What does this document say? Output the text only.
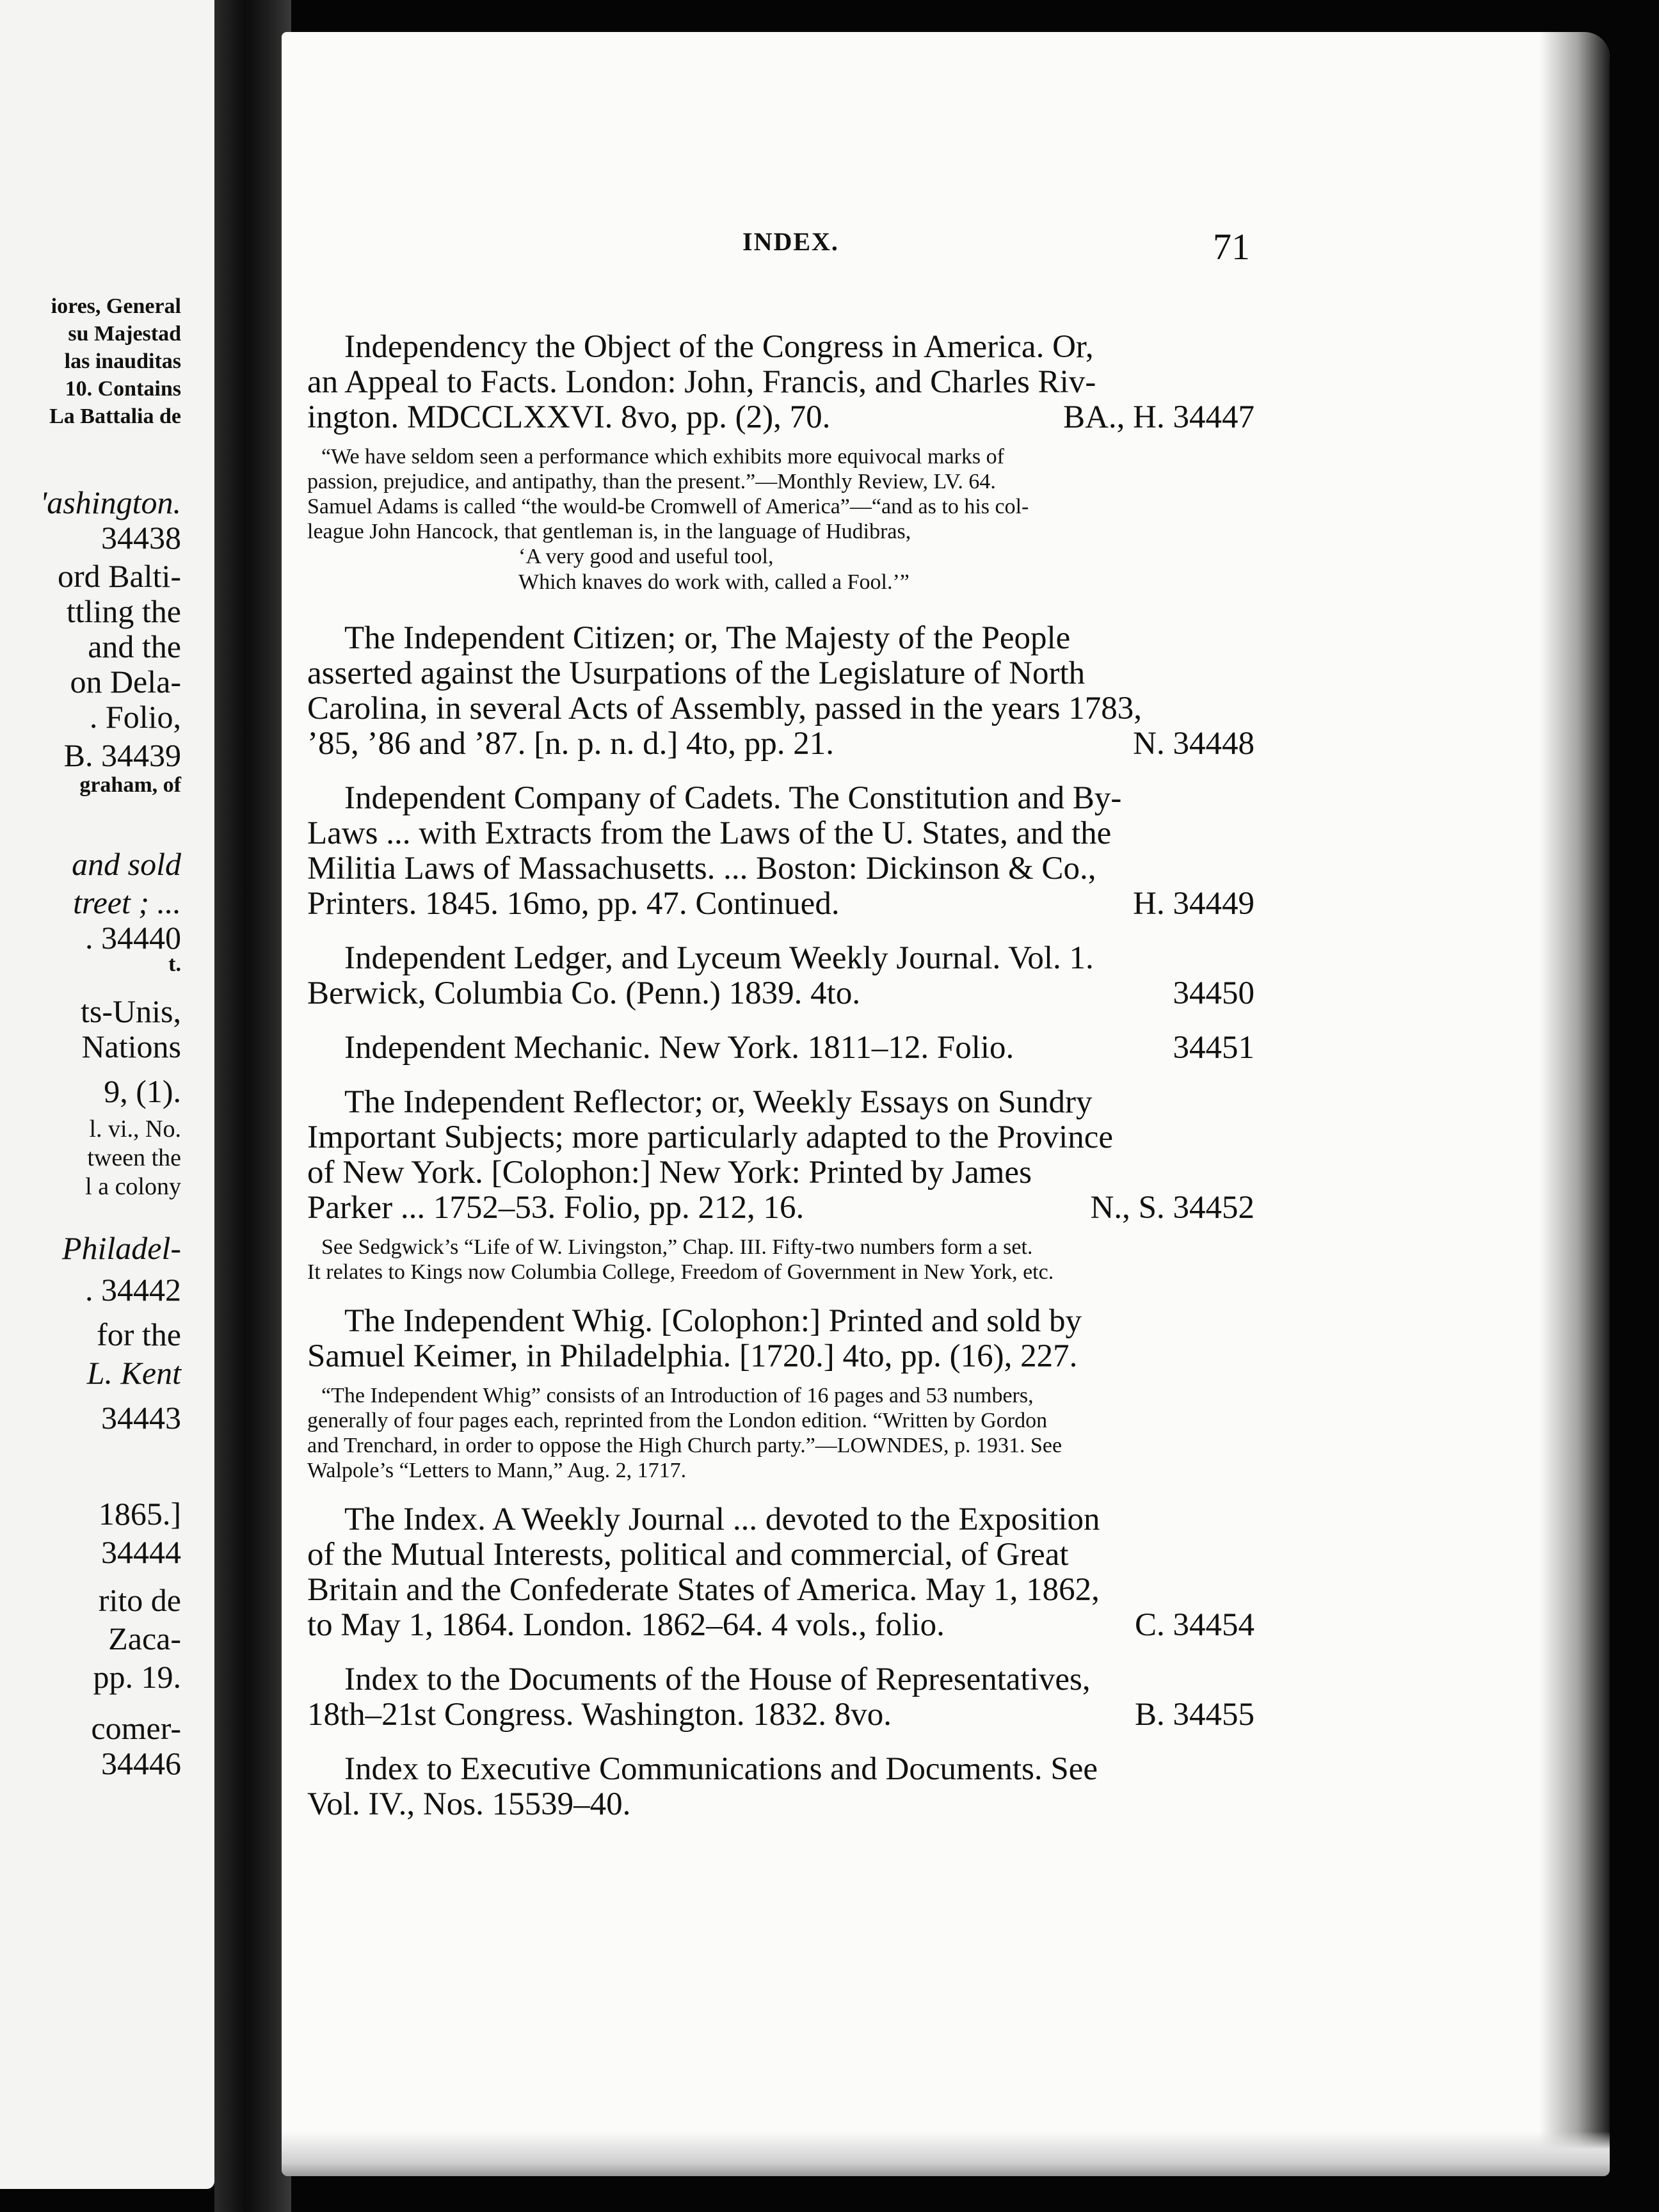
iores, General
su Majestad
las inauditas
10. Contains
La Battalia de
'ashington.
34438
ord Balti-
ttling the
and the
on Dela-
. Folio,
B. 34439
graham, of
and sold
treet ; ...
. 34440
t.
ts-Unis,
Nations
9, (1).
l. vi., No.
tween the
l a colony
Philadel-
. 34442
for the
L. Kent
34443
1865.]
34444
rito de
Zaca-
pp. 19.
comer-
34446
INDEX.	71
Independency the Object of the Congress in America. Or,
an Appeal to Facts. London: John, Francis, and Charles Riv-
ington. MDCCLXXVI. 8vo, pp. (2), 70.	BA., H. 34447
“We have seldom seen a performance which exhibits more equivocal marks of
passion, prejudice, and antipathy, than the present.”—Monthly Review, LV. 64.
Samuel Adams is called “the would-be Cromwell of America”—“and as to his col-
league John Hancock, that gentleman is, in the language of Hudibras,
‘A very good and useful tool,
Which knaves do work with, called a Fool.’”
The Independent Citizen; or, The Majesty of the People
asserted against the Usurpations of the Legislature of North
Carolina, in several Acts of Assembly, passed in the years 1783,
’85, ’86 and ’87. [n. p. n. d.] 4to, pp. 21.	N. 34448
Independent Company of Cadets. The Constitution and By-
Laws ... with Extracts from the Laws of the U. States, and the
Militia Laws of Massachusetts. ... Boston: Dickinson & Co.,
Printers. 1845. 16mo, pp. 47. Continued.	H. 34449
Independent Ledger, and Lyceum Weekly Journal. Vol. 1.
Berwick, Columbia Co. (Penn.) 1839. 4to.	34450
Independent Mechanic. New York. 1811–12. Folio.	34451
The Independent Reflector; or, Weekly Essays on Sundry
Important Subjects; more particularly adapted to the Province
of New York. [Colophon:] New York: Printed by James
Parker ... 1752–53. Folio, pp. 212, 16.	N., S. 34452
See Sedgwick’s “Life of W. Livingston,” Chap. III. Fifty-two numbers form a set.
It relates to Kings now Columbia College, Freedom of Government in New York, etc.
The Independent Whig. [Colophon:] Printed and sold by
Samuel Keimer, in Philadelphia. [1720.] 4to, pp. (16), 227.
“The Independent Whig” consists of an Introduction of 16 pages and 53 numbers,
generally of four pages each, reprinted from the London edition. “Written by Gordon
and Trenchard, in order to oppose the High Church party.”—LOWNDES, p. 1931. See
Walpole’s “Letters to Mann,” Aug. 2, 1717.
The Index. A Weekly Journal ... devoted to the Exposition
of the Mutual Interests, political and commercial, of Great
Britain and the Confederate States of America. May 1, 1862,
to May 1, 1864. London. 1862–64. 4 vols., folio.	C. 34454
Index to the Documents of the House of Representatives,
18th–21st Congress. Washington. 1832. 8vo.	B. 34455
Index to Executive Communications and Documents. See
Vol. IV., Nos. 15539–40.
